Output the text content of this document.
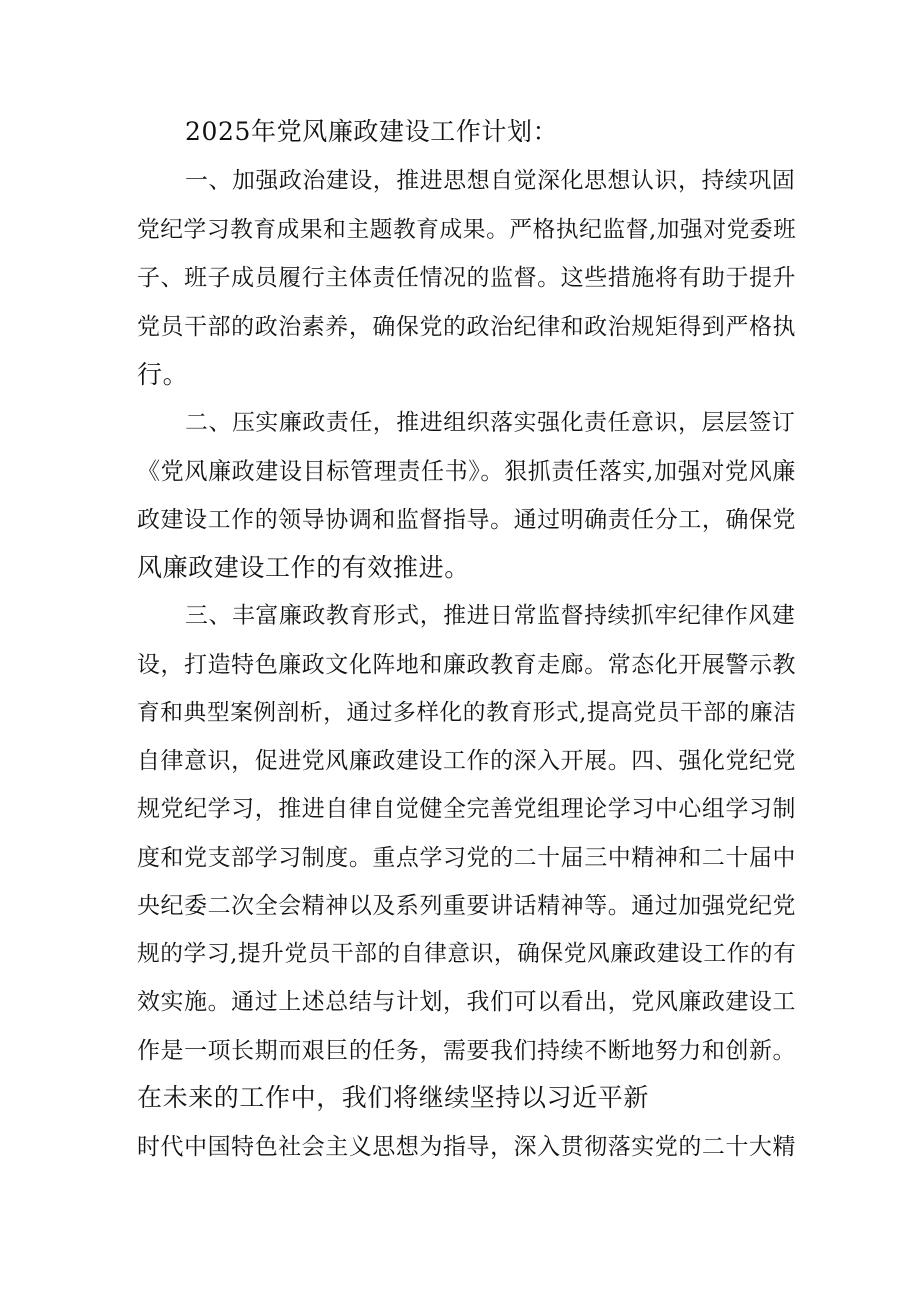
2025年党风廉政建设工作计划：
一、加强政治建设，推进思想自觉深化思想认识，持续巩固
党纪学习教育成果和主题教育成果。严格执纪监督,加强对党委班
子、班子成员履行主体责任情况的监督。这些措施将有助于提升
党员干部的政治素养，确保党的政治纪律和政治规矩得到严格执
行。
二、压实廉政责任，推进组织落实强化责任意识，层层签订
《党风廉政建设目标管理责任书》。狠抓责任落实,加强对党风廉
政建设工作的领导协调和监督指导。通过明确责任分工，确保党
风廉政建设工作的有效推进。
三、丰富廉政教育形式，推进日常监督持续抓牢纪律作风建
设，打造特色廉政文化阵地和廉政教育走廊。常态化开展警示教
育和典型案例剖析，通过多样化的教育形式,提高党员干部的廉洁
自律意识，促进党风廉政建设工作的深入开展。四、强化党纪党
规党纪学习，推进自律自觉健全完善党组理论学习中心组学习制
度和党支部学习制度。重点学习党的二十届三中精神和二十届中
央纪委二次全会精神以及系列重要讲话精神等。通过加强党纪党
规的学习,提升党员干部的自律意识，确保党风廉政建设工作的有
效实施。通过上述总结与计划，我们可以看出，党风廉政建设工
作是一项长期而艰巨的任务，需要我们持续不断地努力和创新。
在未来的工作中，我们将继续坚持以习近平新
时代中国特色社会主义思想为指导，深入贯彻落实党的二十大精
